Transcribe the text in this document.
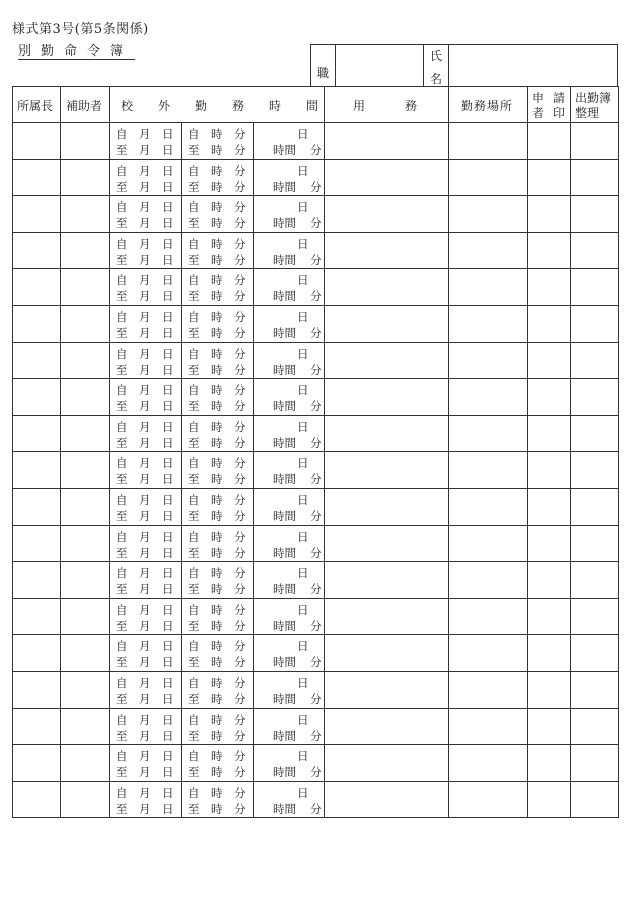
様式第3号(第5条関係)
別勤命令簿
職
氏
名
所属長 補助者 校外勤務時間 用務 勤務場所
申請
者印
出勤簿
整理
自 月 日
至 月 日
自 時 分
至 時 分
日
時間 分
自 月 日
至 月 日
自 時 分
至 時 分
日
時間 分
自 月 日
至 月 日
自 時 分
至 時 分
日
時間 分
自 月 日
至 月 日
自 時 分
至 時 分
日
時間 分
自 月 日
至 月 日
自 時 分
至 時 分
日
時間 分
自 月 日
至 月 日
自 時 分
至 時 分
日
時間 分
自 月 日
至 月 日
自 時 分
至 時 分
日
時間 分
自 月 日
至 月 日
自 時 分
至 時 分
日
時間 分
自 月 日
至 月 日
自 時 分
至 時 分
日
時間 分
自 月 日
至 月 日
自 時 分
至 時 分
日
時間 分
自 月 日
至 月 日
自 時 分
至 時 分
日
時間 分
自 月 日
至 月 日
自 時 分
至 時 分
日
時間 分
自 月 日
至 月 日
自 時 分
至 時 分
日
時間 分
自 月 日
至 月 日
自 時 分
至 時 分
日
時間 分
自 月 日
至 月 日
自 時 分
至 時 分
日
時間 分
自 月 日
至 月 日
自 時 分
至 時 分
日
時間 分
自 月 日
至 月 日
自 時 分
至 時 分
日
時間 分
自 月 日
至 月 日
自 時 分
至 時 分
日
時間 分
自 月 日
至 月 日
自 時 分
至 時 分
日
時間 分
